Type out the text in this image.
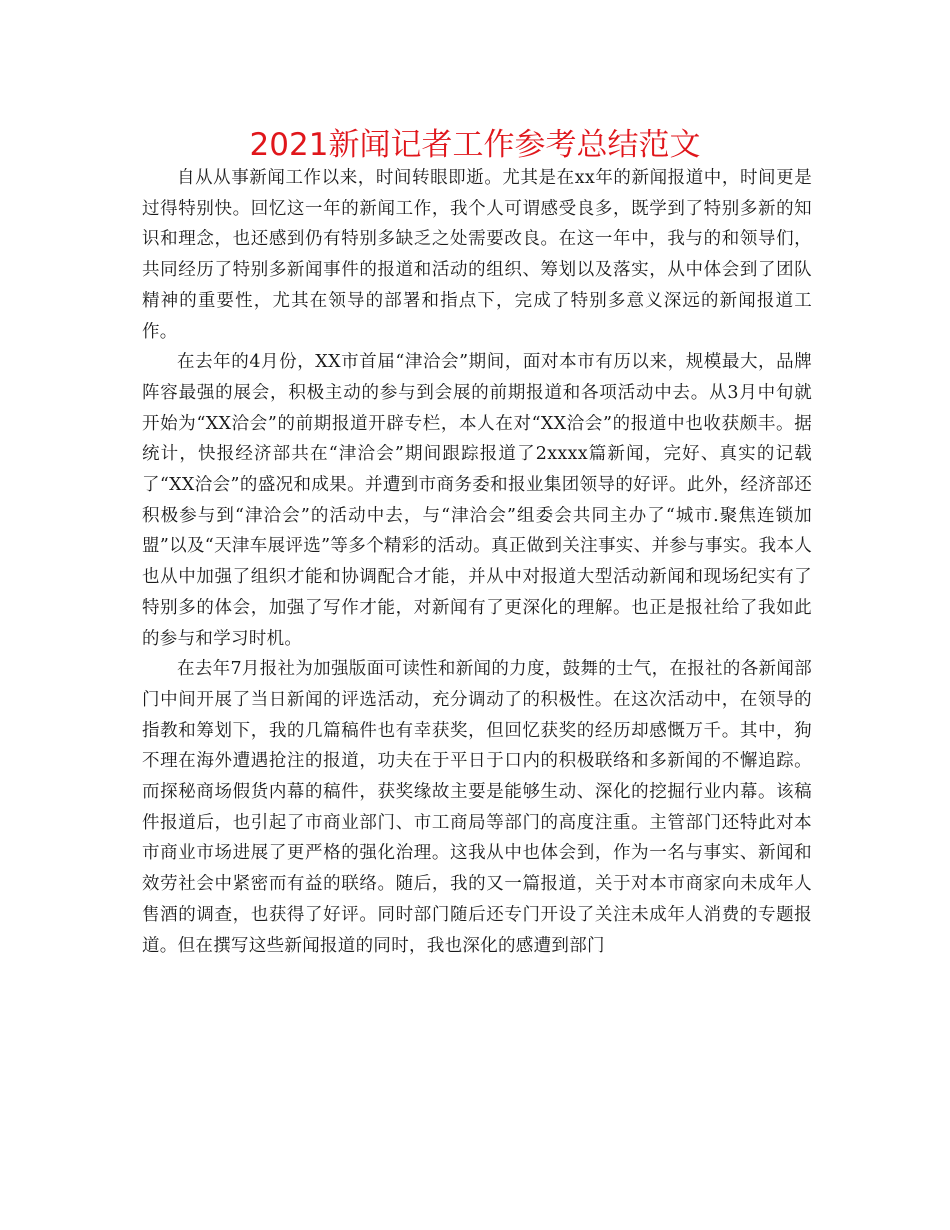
2021新闻记者工作参考总结范文

自从从事新闻工作以来，时间转眼即逝。尤其是在xx年的新闻报道中，时间更是过得特别快。回忆这一年的新闻工作，我个人可谓感受良多，既学到了特别多新的知识和理念，也还感到仍有特别多缺乏之处需要改良。在这一年中，我与的和领导们，共同经历了特别多新闻事件的报道和活动的组织、筹划以及落实，从中体会到了团队精神的重要性，尤其在领导的部署和指点下，完成了特别多意义深远的新闻报道工作。

在去年的4月份，XX市首届“津洽会”期间，面对本市有历以来，规模最大，品牌阵容最强的展会，积极主动的参与到会展的前期报道和各项活动中去。从3月中旬就开始为“XX洽会”的前期报道开辟专栏，本人在对“XX洽会”的报道中也收获颇丰。据统计，快报经济部共在“津洽会”期间跟踪报道了2xxxx篇新闻，完好、真实的记载了“XX洽会”的盛况和成果。并遭到市商务委和报业集团领导的好评。此外，经济部还积极参与到“津洽会”的活动中去，与“津洽会”组委会共同主办了“城市.聚焦连锁加盟”以及“天津车展评选”等多个精彩的活动。真正做到关注事实、并参与事实。我本人也从中加强了组织才能和协调配合才能，并从中对报道大型活动新闻和现场纪实有了特别多的体会，加强了写作才能，对新闻有了更深化的理解。也正是报社给了我如此的参与和学习时机。

在去年7月报社为加强版面可读性和新闻的力度，鼓舞的士气，在报社的各新闻部门中间开展了当日新闻的评选活动，充分调动了的积极性。在这次活动中，在领导的指教和筹划下，我的几篇稿件也有幸获奖，但回忆获奖的经历却感慨万千。其中，狗不理在海外遭遇抢注的报道，功夫在于平日于口内的积极联络和多新闻的不懈追踪。而探秘商场假货内幕的稿件，获奖缘故主要是能够生动、深化的挖掘行业内幕。该稿件报道后，也引起了市商业部门、市工商局等部门的高度注重。主管部门还特此对本市商业市场进展了更严格的强化治理。这我从中也体会到，作为一名与事实、新闻和效劳社会中紧密而有益的联络。随后，我的又一篇报道，关于对本市商家向未成年人售酒的调查，也获得了好评。同时部门随后还专门开设了关注未成年人消费的专题报道。但在撰写这些新闻报道的同时，我也深化的感遭到部门
